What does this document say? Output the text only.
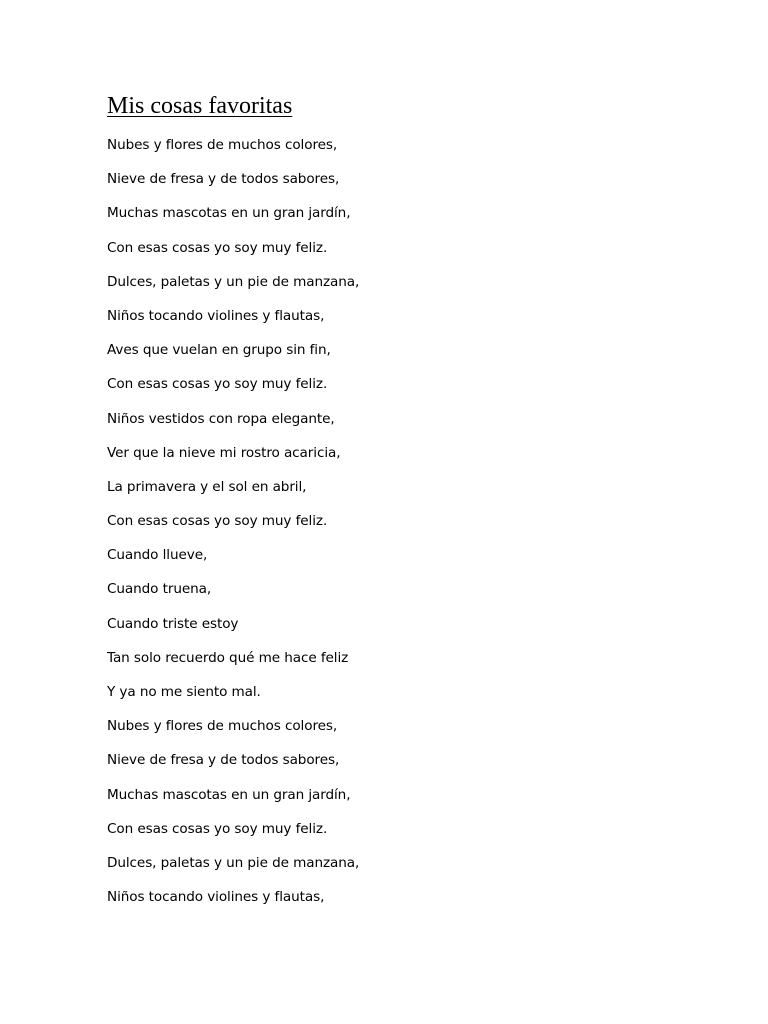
Mis cosas favoritas
Nubes y flores de muchos colores,
Nieve de fresa y de todos sabores,
Muchas mascotas en un gran jardín,
Con esas cosas yo soy muy feliz.
Dulces, paletas y un pie de manzana,
Niños tocando violines y flautas,
Aves que vuelan en grupo sin fin,
Con esas cosas yo soy muy feliz.
Niños vestidos con ropa elegante,
Ver que la nieve mi rostro acaricia,
La primavera y el sol en abril,
Con esas cosas yo soy muy feliz.
Cuando llueve,
Cuando truena,
Cuando triste estoy
Tan solo recuerdo qué me hace feliz
Y ya no me siento mal.
Nubes y flores de muchos colores,
Nieve de fresa y de todos sabores,
Muchas mascotas en un gran jardín,
Con esas cosas yo soy muy feliz.
Dulces, paletas y un pie de manzana,
Niños tocando violines y flautas,
